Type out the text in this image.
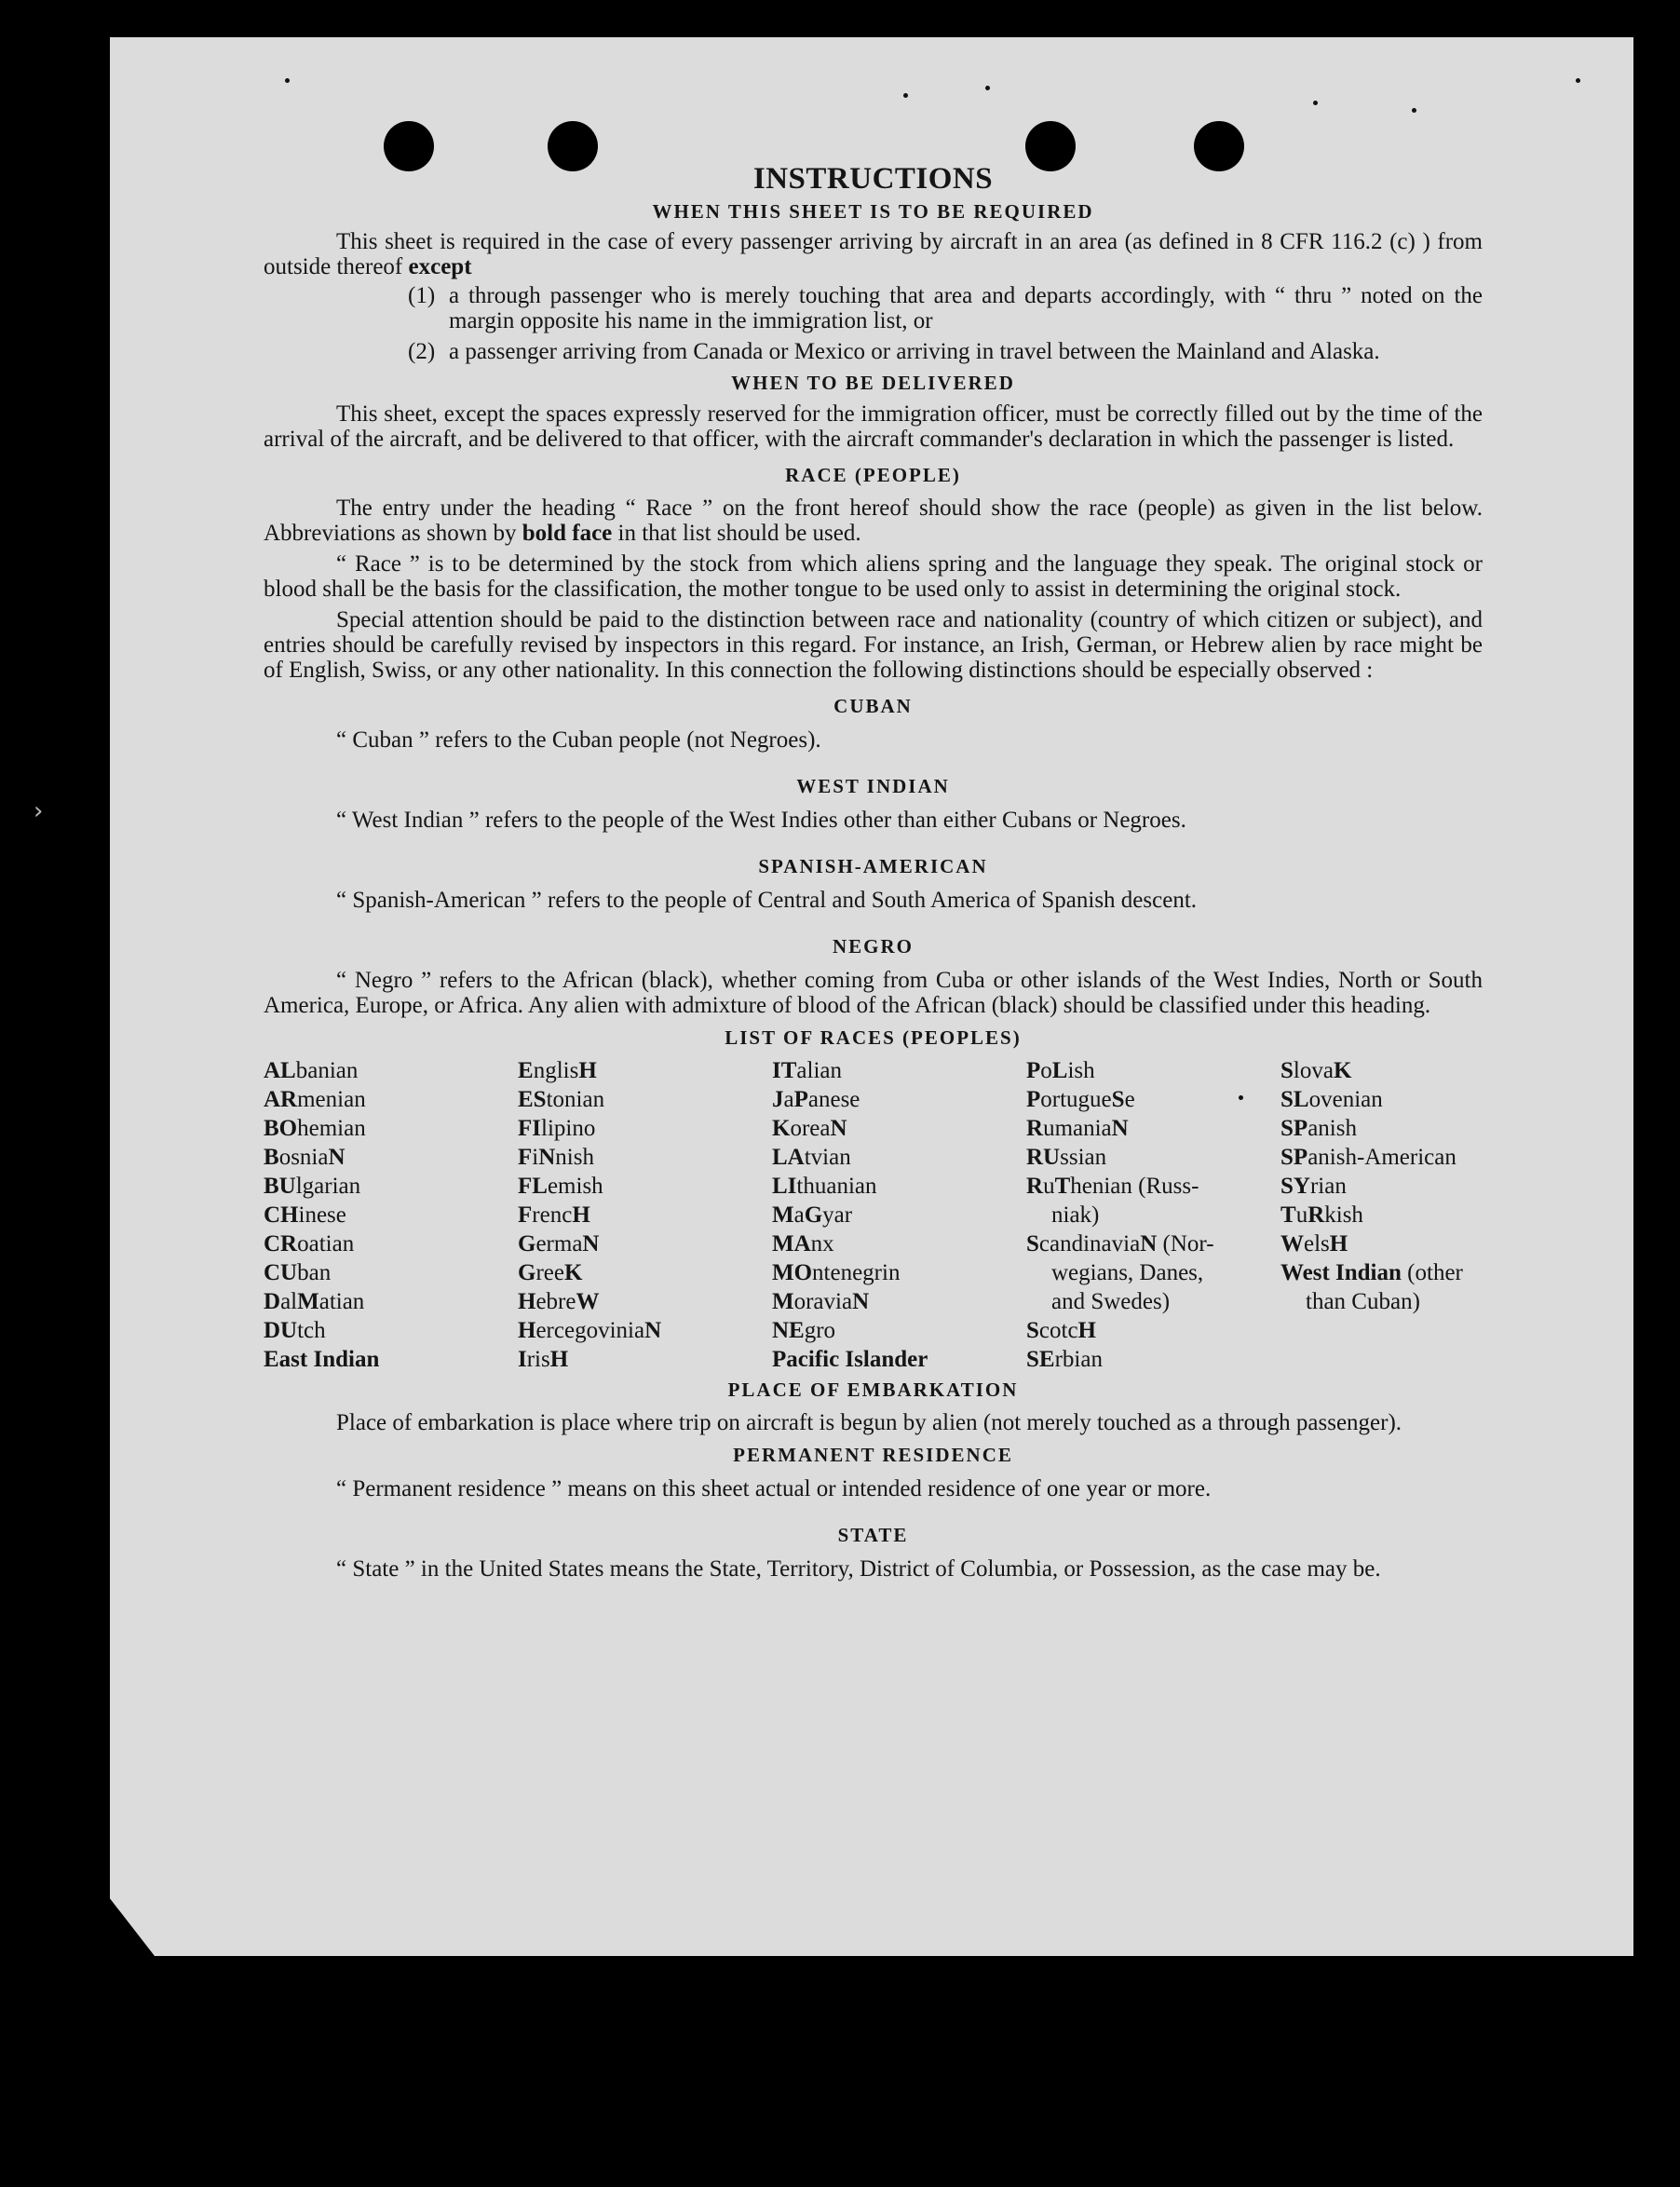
›
INSTRUCTIONS
WHEN THIS SHEET IS TO BE REQUIRED

This sheet is required in the case of every passenger arriving by aircraft in an area (as defined in 8 CFR 116.2 (c) ) from outside thereof except

(1) a through passenger who is merely touching that area and departs accordingly, with “ thru ” noted on the margin opposite his name in the immigration list, or
(2) a passenger arriving from Canada or Mexico or arriving in travel between the Mainland and Alaska.
WHEN TO BE DELIVERED

This sheet, except the spaces expressly reserved for the immigration officer, must be correctly filled out by the time of the arrival of the aircraft, and be delivered to that officer, with the aircraft commander's declaration in which the passenger is listed.

RACE (PEOPLE)

The entry under the heading “ Race ” on the front hereof should show the race (people) as given in the list below. Abbreviations as shown by bold face in that list should be used.

“ Race ” is to be determined by the stock from which aliens spring and the language they speak. The original stock or blood shall be the basis for the classification, the mother tongue to be used only to assist in determining the original stock.

Special attention should be paid to the distinction between race and nationality (country of which citizen or subject), and entries should be carefully revised by inspectors in this regard. For instance, an Irish, German, or Hebrew alien by race might be of English, Swiss, or any other nationality. In this connection the following distinctions should be especially observed :

CUBAN

“ Cuban ” refers to the Cuban people (not Negroes).

WEST INDIAN

“ West Indian ” refers to the people of the West Indies other than either Cubans or Negroes.

SPANISH-AMERICAN

“ Spanish-American ” refers to the people of Central and South America of Spanish descent.

NEGRO

“ Negro ” refers to the African (black), whether coming from Cuba or other islands of the West Indies, North or South America, Europe, or Africa. Any alien with admixture of blood of the African (black) should be classified under this heading.

LIST OF RACES (PEOPLES)
ALbanian
ARmenian
BOhemian
BosniaN
BUlgarian
CHinese
CRoatian
CUban
DalMatian
DUtch
East Indian
EnglisH
EStonian
FIlipino
FiNnish
FLemish
FrencH
GermaN
GreeK
HebreW
HercegoviniaN
IrisH
ITalian
JaPanese
KoreaN
LAtvian
LIthuanian
MaGyar
MAnx
MOntenegrin
MoraviaN
NEgro
Pacific Islander
PoLish
PortugueSe
RumaniaN
RUssian
RuThenian (Russ-
niak)
ScandinaviaN (Nor-
wegians, Danes,
and Swedes)
ScotcH
SErbian
SlovaK
SLovenian
SPanish
SPanish-American
SYrian
TuRkish
WelsH
West Indian (other
than Cuban)
PLACE OF EMBARKATION

Place of embarkation is place where trip on aircraft is begun by alien (not merely touched as a through passenger).

PERMANENT RESIDENCE

“ Permanent residence ” means on this sheet actual or intended residence of one year or more.

STATE

“ State ” in the United States means the State, Territory, District of Columbia, or Possession, as the case may be.
